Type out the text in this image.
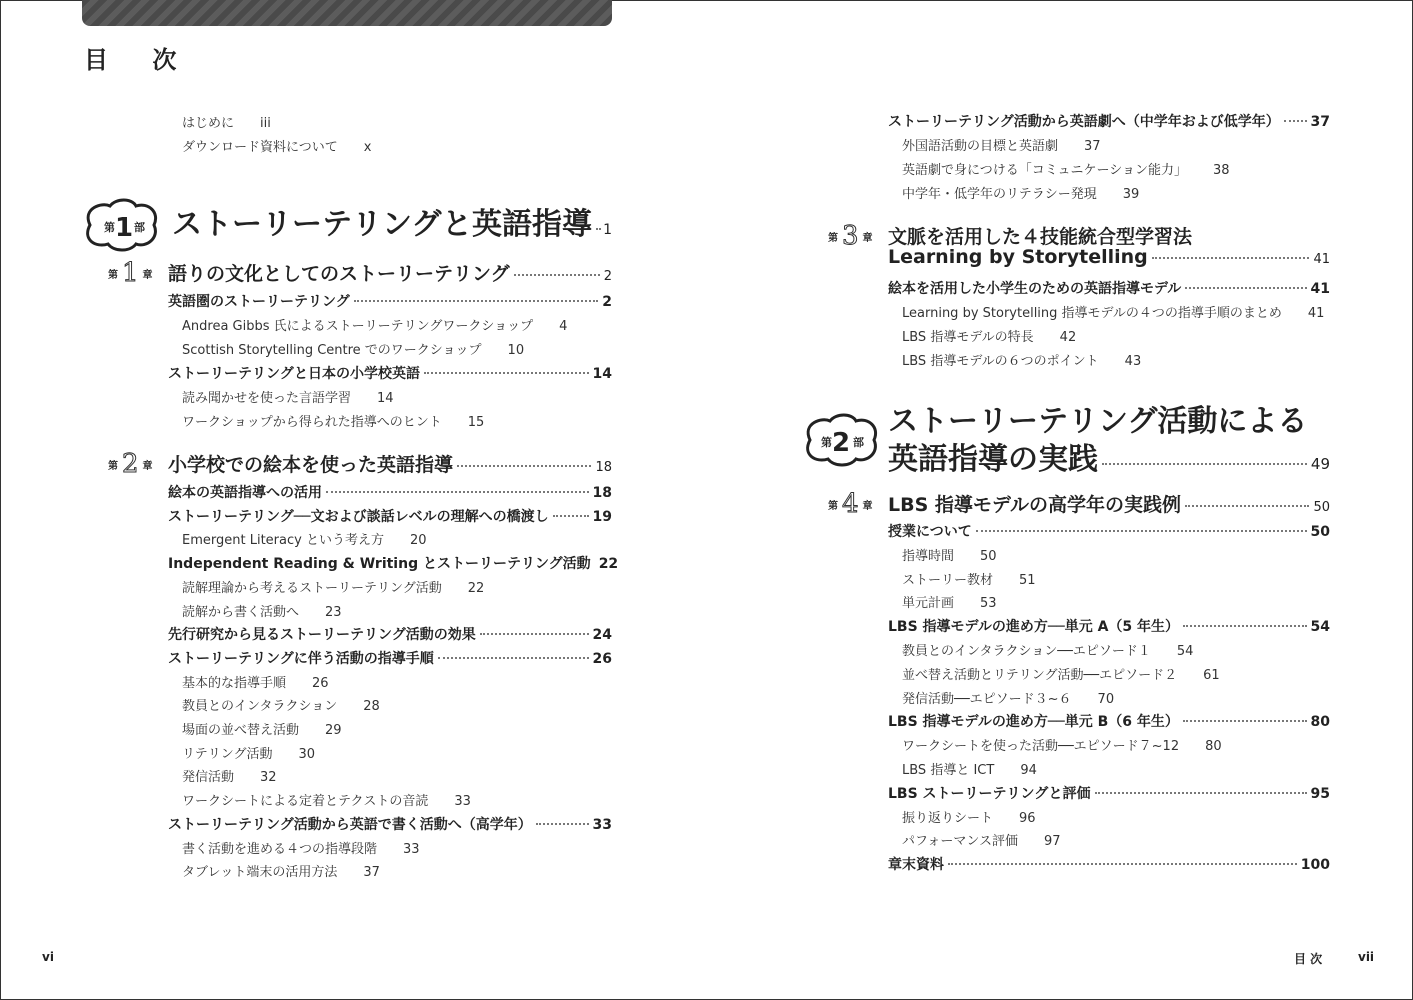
目 次
はじめに iii
ダウンロード資料について x
第 1 部 ストーリーテリングと英語指導 1
第 1 章 語りの文化としてのストーリーテリング	2
英語圏のストーリーテリング	2
Andrea Gibbs 氏によるストーリーテリングワークショップ 4
Scottish Storytelling Centre でのワークショップ 10
ストーリーテリングと日本の小学校英語	14
読み聞かせを使った言語学習 14
ワークショップから得られた指導へのヒント 15
第 2 章 小学校での絵本を使った英語指導	18
絵本の英語指導への活用	18
ストーリーテリング──文および談話レベルの理解への橋渡し	19
Emergent Literacy という考え方 20
Independent Reading & Writing とストーリーテリング活動 22
読解理論から考えるストーリーテリング活動 22
読解から書く活動へ 23
先行研究から見るストーリーテリング活動の効果	24
ストーリーテリングに伴う活動の指導手順	26
基本的な指導手順 26
教員とのインタラクション 28
場面の並べ替え活動 29
リテリング活動 30
発信活動 32
ワークシートによる定着とテクストの音読 33
ストーリーテリング活動から英語で書く活動へ（高学年）	33
書く活動を進める４つの指導段階 33
タブレット端末の活用方法 37
ストーリーテリング活動から英語劇へ（中学年および低学年） 37
外国語活動の目標と英語劇 37
英語劇で身につける「コミュニケーション能力」 38
中学年・低学年のリテラシー発現 39
第 3 章 文脈を活用した４技能統合型学習法
Learning by Storytelling	41
絵本を活用した小学生のための英語指導モデル	41
Learning by Storytelling 指導モデルの４つの指導手順のまとめ 41
LBS 指導モデルの特長 42
LBS 指導モデルの６つのポイント 43
第 2 部
ストーリーテリング活動による
英語指導の実践	49
第 4 章 LBS 指導モデルの高学年の実践例	50
授業について	50
指導時間 50
ストーリー教材 51
単元計画 53
LBS 指導モデルの進め方──単元 A（5 年生）	54
教員とのインタラクション──エピソード１ 54
並べ替え活動とリテリング活動──エピソード２ 61
発信活動──エピソード３~６ 70
LBS 指導モデルの進め方──単元 B（6 年生）	80
ワークシートを使った活動──エピソード７~12 80
LBS 指導と ICT 94
LBS ストーリーテリングと評価	95
振り返りシート 96
パフォーマンス評価 97
章末資料	100
vi	目 次	vii
